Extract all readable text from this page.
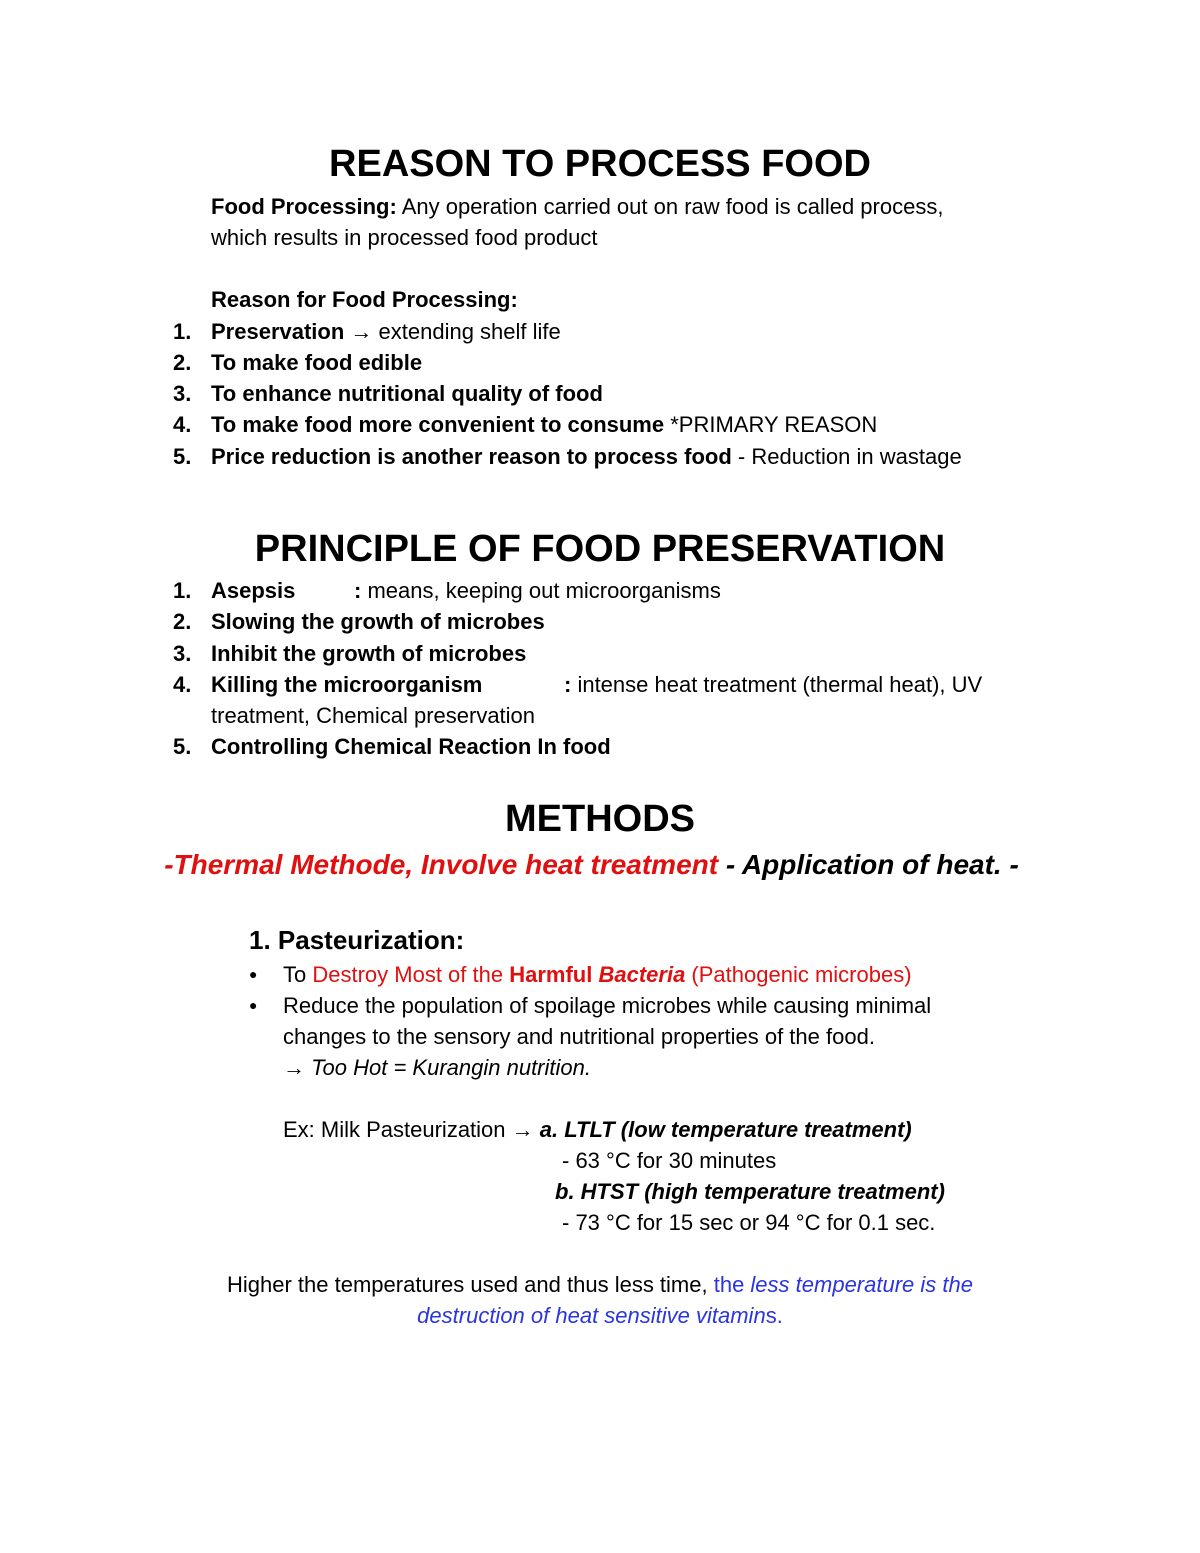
REASON TO PROCESS FOOD
Food Processing: Any operation carried out on raw food is called process,
which results in processed food product
Reason for Food Processing:
1. Preservation → extending shelf life
2. To make food edible
3. To enhance nutritional quality of food
4. To make food more convenient to consume *PRIMARY REASON
5. Price reduction is another reason to process food - Reduction in wastage
PRINCIPLE OF FOOD PRESERVATION
1. Asepsis	: means, keeping out microorganisms
2. Slowing the growth of microbes
3. Inhibit the growth of microbes
4. Killing the microorganism	: intense heat treatment (thermal heat), UV
treatment, Chemical preservation
5. Controlling Chemical Reaction In food
METHODS
-Thermal Methode, Involve heat treatment - Application of heat. -
1. Pasteurization:
● To Destroy Most of the Harmful Bacteria (Pathogenic microbes)
● Reduce the population of spoilage microbes while causing minimal
changes to the sensory and nutritional properties of the food.
→ Too Hot = Kurangin nutrition.
Ex: Milk Pasteurization → a. LTLT (low temperature treatment)
- 63 °C for 30 minutes
b. HTST (high temperature treatment)
- 73 °C for 15 sec or 94 °C for 0.1 sec.
Higher the temperatures used and thus less time, the less temperature is the
destruction of heat sensitive vitamins.
